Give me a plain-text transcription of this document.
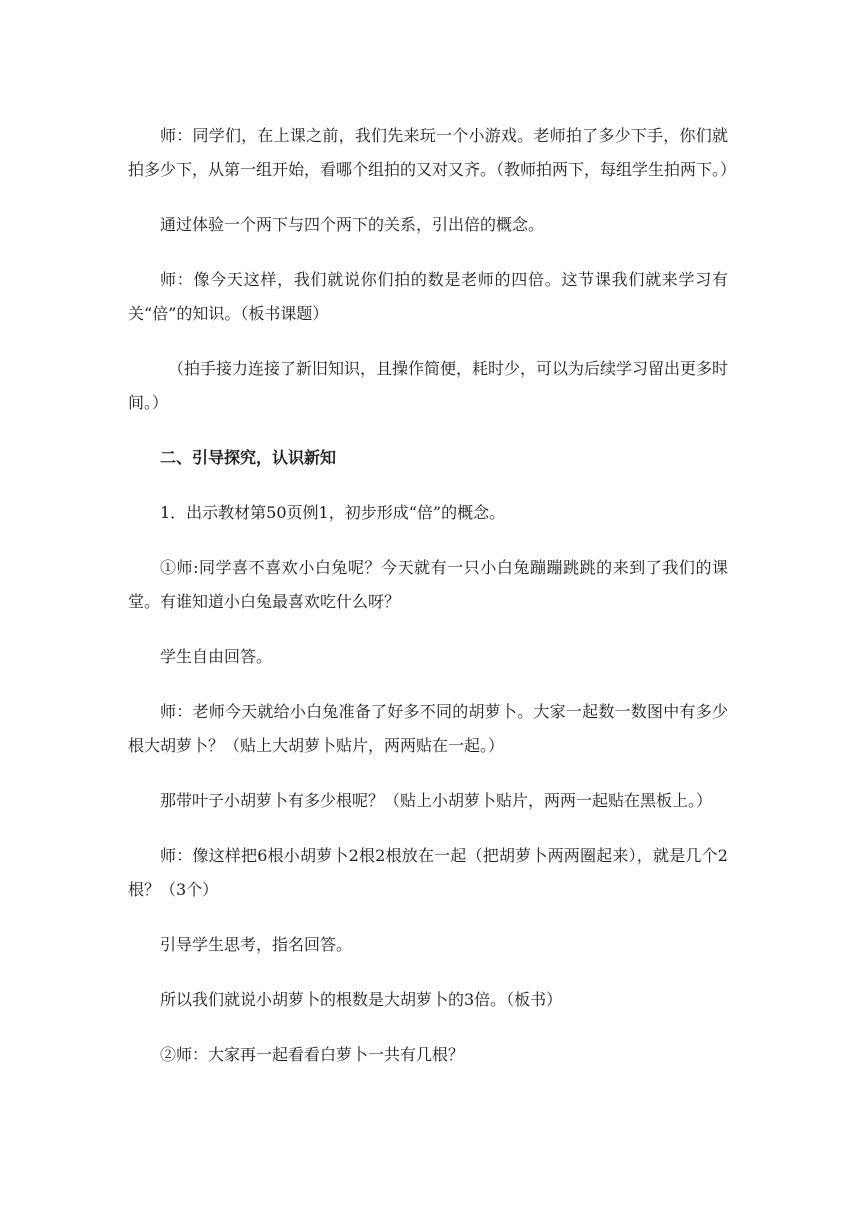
师：同学们，在上课之前，我们先来玩一个小游戏。老师拍了多少下手，你们就拍多少下，从第一组开始，看哪个组拍的又对又齐。（教师拍两下，每组学生拍两下。）

通过体验一个两下与四个两下的关系，引出倍的概念。

师：像今天这样，我们就说你们拍的数是老师的四倍。这节课我们就来学习有关“倍”的知识。（板书课题）

（拍手接力连接了新旧知识，且操作简便，耗时少，可以为后续学习留出更多时间。）

二、引导探究，认识新知

1．出示教材第50页例1，初步形成“倍”的概念。

①师:同学喜不喜欢小白兔呢？今天就有一只小白兔蹦蹦跳跳的来到了我们的课堂。有谁知道小白兔最喜欢吃什么呀？

学生自由回答。

师：老师今天就给小白兔准备了好多不同的胡萝卜。大家一起数一数图中有多少根大胡萝卜？（贴上大胡萝卜贴片，两两贴在一起。）

那带叶子小胡萝卜有多少根呢？（贴上小胡萝卜贴片，两两一起贴在黑板上。）

师：像这样把6根小胡萝卜2根2根放在一起（把胡萝卜两两圈起来），就是几个2根？（3个）

引导学生思考，指名回答。

所以我们就说小胡萝卜的根数是大胡萝卜的3倍。（板书）

②师：大家再一起看看白萝卜一共有几根？
